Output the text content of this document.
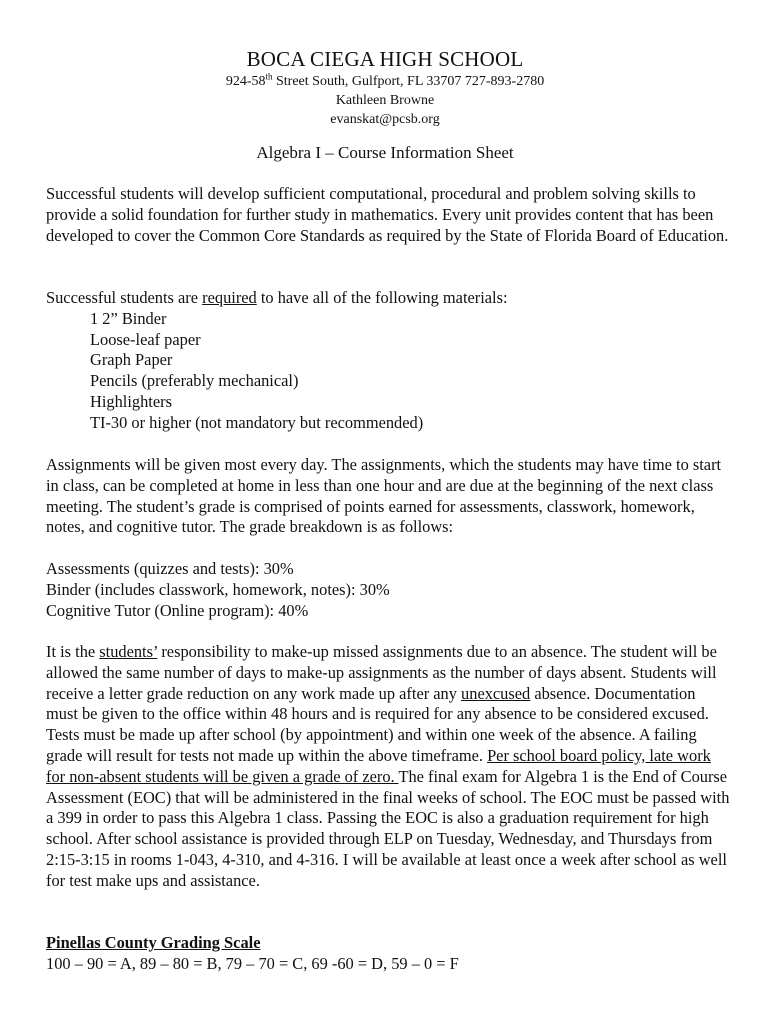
BOCA CIEGA HIGH SCHOOL

924-58th Street South, Gulfport, FL 33707 727-893-2780

Kathleen Browne

evanskat@pcsb.org

Algebra I – Course Information Sheet

Successful students will develop sufficient computational, procedural and problem solving skills to provide a solid foundation for further study in mathematics. Every unit provides content that has been developed to cover the Common Core Standards as required by the State of Florida Board of Education.

Successful students are required to have all of the following materials:

1 2” Binder
Loose-leaf paper
Graph Paper
Pencils (preferably mechanical)
Highlighters
TI-30 or higher (not mandatory but recommended)

Assignments will be given most every day. The assignments, which the students may have time to start in class, can be completed at home in less than one hour and are due at the beginning of the next class meeting. The student’s grade is comprised of points earned for assessments, classwork, homework, notes, and cognitive tutor. The grade breakdown is as follows:

Assessments (quizzes and tests): 30%

Binder (includes classwork, homework, notes): 30%

Cognitive Tutor (Online program): 40%

It is the students’ responsibility to make-up missed assignments due to an absence. The student will be allowed the same number of days to make-up assignments as the number of days absent. Students will receive a letter grade reduction on any work made up after any unexcused absence. Documentation must be given to the office within 48 hours and is required for any absence to be considered excused. Tests must be made up after school (by appointment) and within one week of the absence. A failing grade will result for tests not made up within the above timeframe. Per school board policy, late work for non-absent students will be given a grade of zero. The final exam for Algebra 1 is the End of Course Assessment (EOC) that will be administered in the final weeks of school. The EOC must be passed with a 399 in order to pass this Algebra 1 class. Passing the EOC is also a graduation requirement for high school. After school assistance is provided through ELP on Tuesday, Wednesday, and Thursdays from 2:15-3:15 in rooms 1-043, 4-310, and 4-316. I will be available at least once a week after school as well for test make ups and assistance.

Pinellas County Grading Scale

100 – 90 = A, 89 – 80 = B, 79 – 70 = C, 69 -60 = D, 59 – 0 = F
